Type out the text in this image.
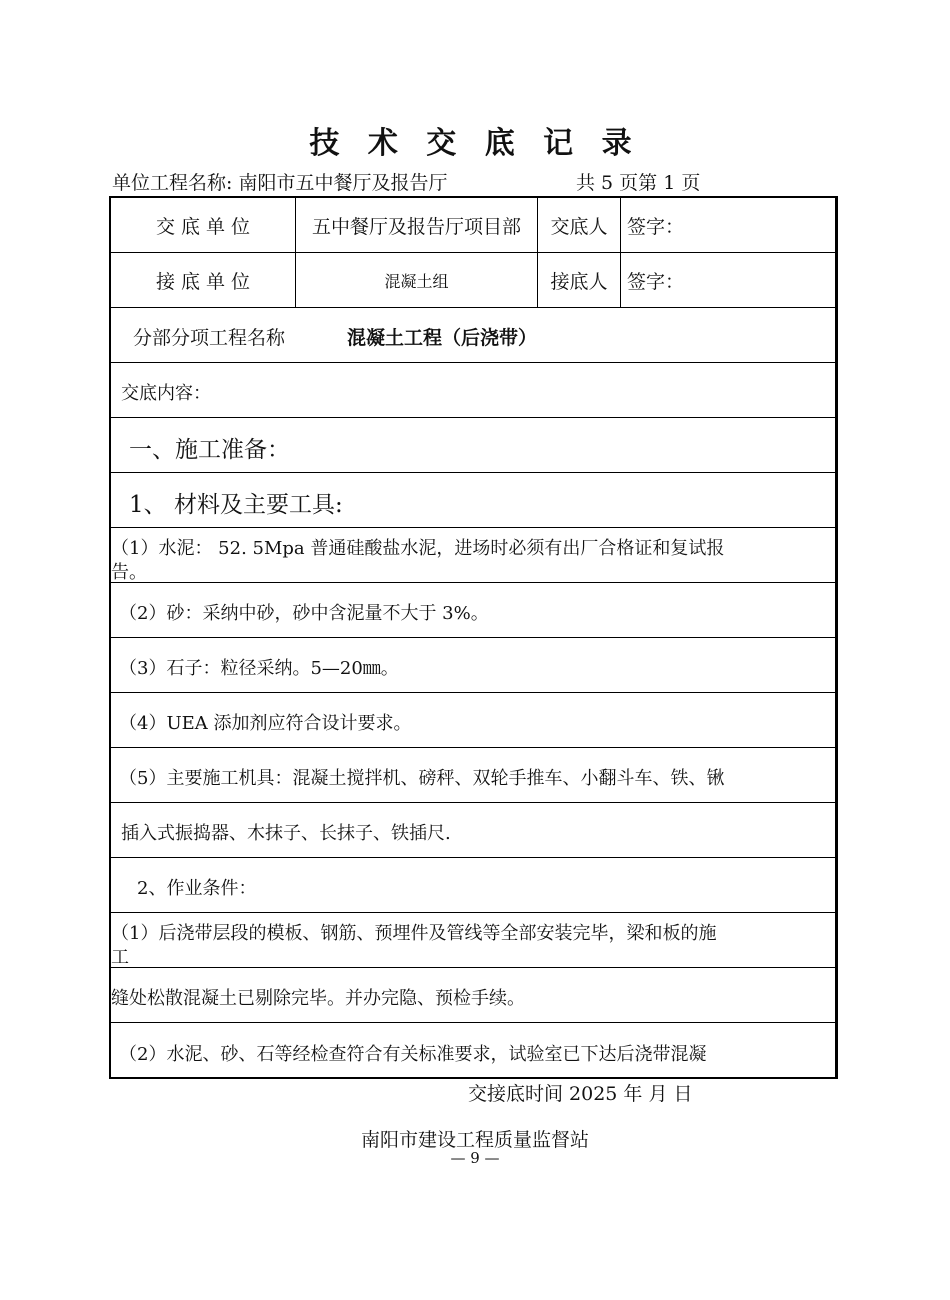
技 术 交 底 记 录
单位工程名称: 南阳市五中餐厅及报告厅	共 5 页第 1 页
交 底 单 位	五中餐厅及报告厅项目部	交底人	签字：
接 底 单 位	混凝土组	接底人	签字：
分部分项工程名称	混凝土工程（后浇带）
交底内容：
一、施工准备：
1、 材料及主要工具:
（1）水泥： 52. 5Mpa 普通硅酸盐水泥，进场时必须有出厂合格证和复试报
告。
（2）砂：采纳中砂，砂中含泥量不大于 3%。
（3）石子：粒径采纳。5—20㎜。
（4）UEA 添加剂应符合设计要求。
（5）主要施工机具：混凝土搅拌机、磅秤、双轮手推车、小翻斗车、铁、锹
插入式振捣器、木抹子、长抹子、铁插尺.
2、作业条件：
（1）后浇带层段的模板、钢筋、预埋件及管线等全部安装完毕，梁和板的施
工
缝处松散混凝土已剔除完毕。并办完隐、预检手续。
（2）水泥、砂、石等经检查符合有关标准要求，试验室已下达后浇带混凝
交接底时间 2025 年 月 日
南阳市建设工程质量监督站
— 9 —
